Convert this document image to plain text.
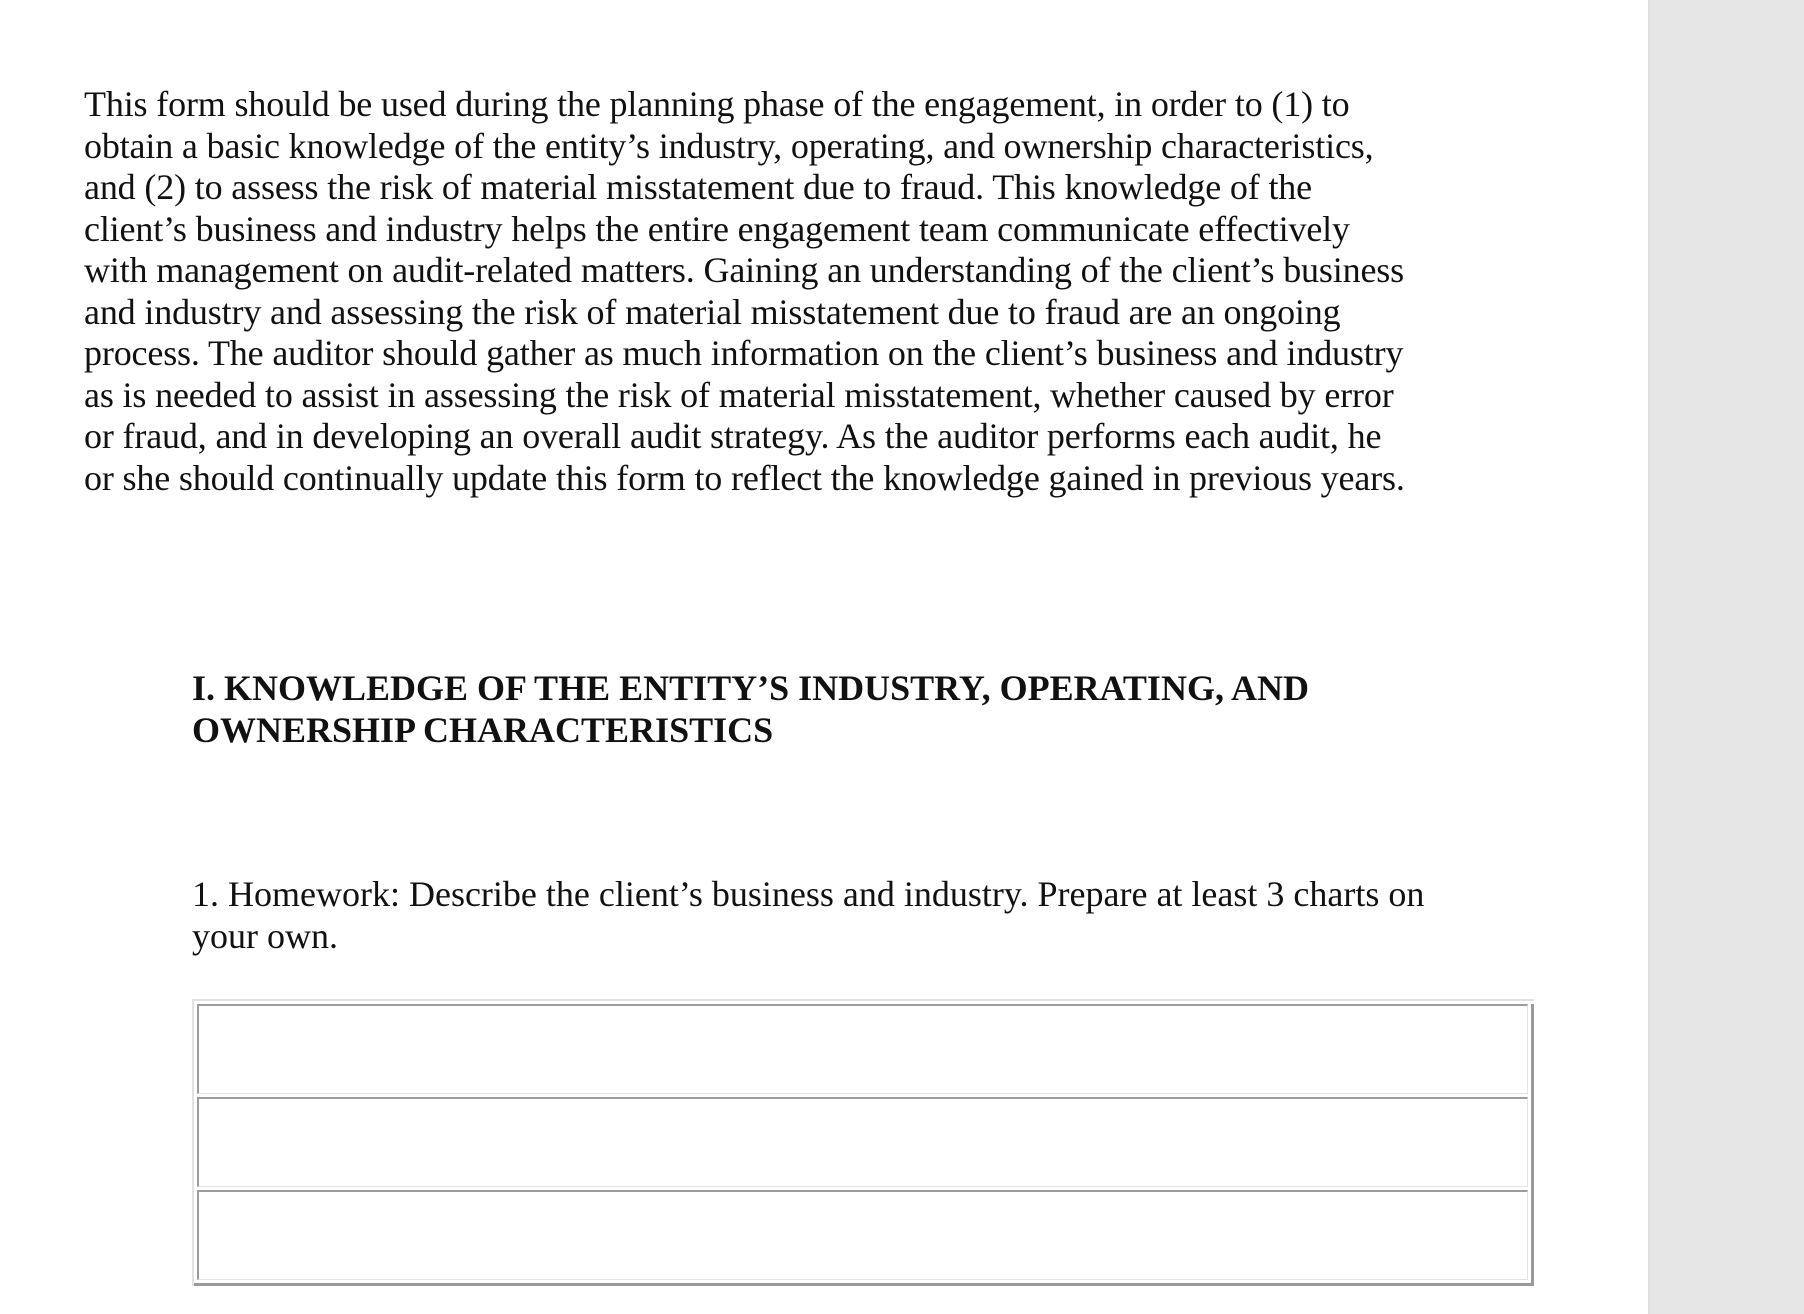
This form should be used during the planning phase of the engagement, in order to (1) to obtain a basic knowledge of the entity’s industry, operating, and ownership characteristics, and (2) to assess the risk of material misstatement due to fraud. This knowledge of the client’s business and industry helps the entire engagement team communicate effectively with management on audit-related matters. Gaining an understanding of the client’s business and industry and assessing the risk of material misstatement due to fraud are an ongoing process. The auditor should gather as much information on the client’s business and industry as is needed to assist in assessing the risk of material misstatement, whether caused by error or fraud, and in developing an overall audit strategy. As the auditor performs each audit, he or she should continually update this form to reflect the knowledge gained in previous years.

I. KNOWLEDGE OF THE ENTITY’S INDUSTRY, OPERATING, AND OWNERSHIP CHARACTERISTICS

1. Homework: Describe the client’s business and industry. Prepare at least 3 charts on your own.
